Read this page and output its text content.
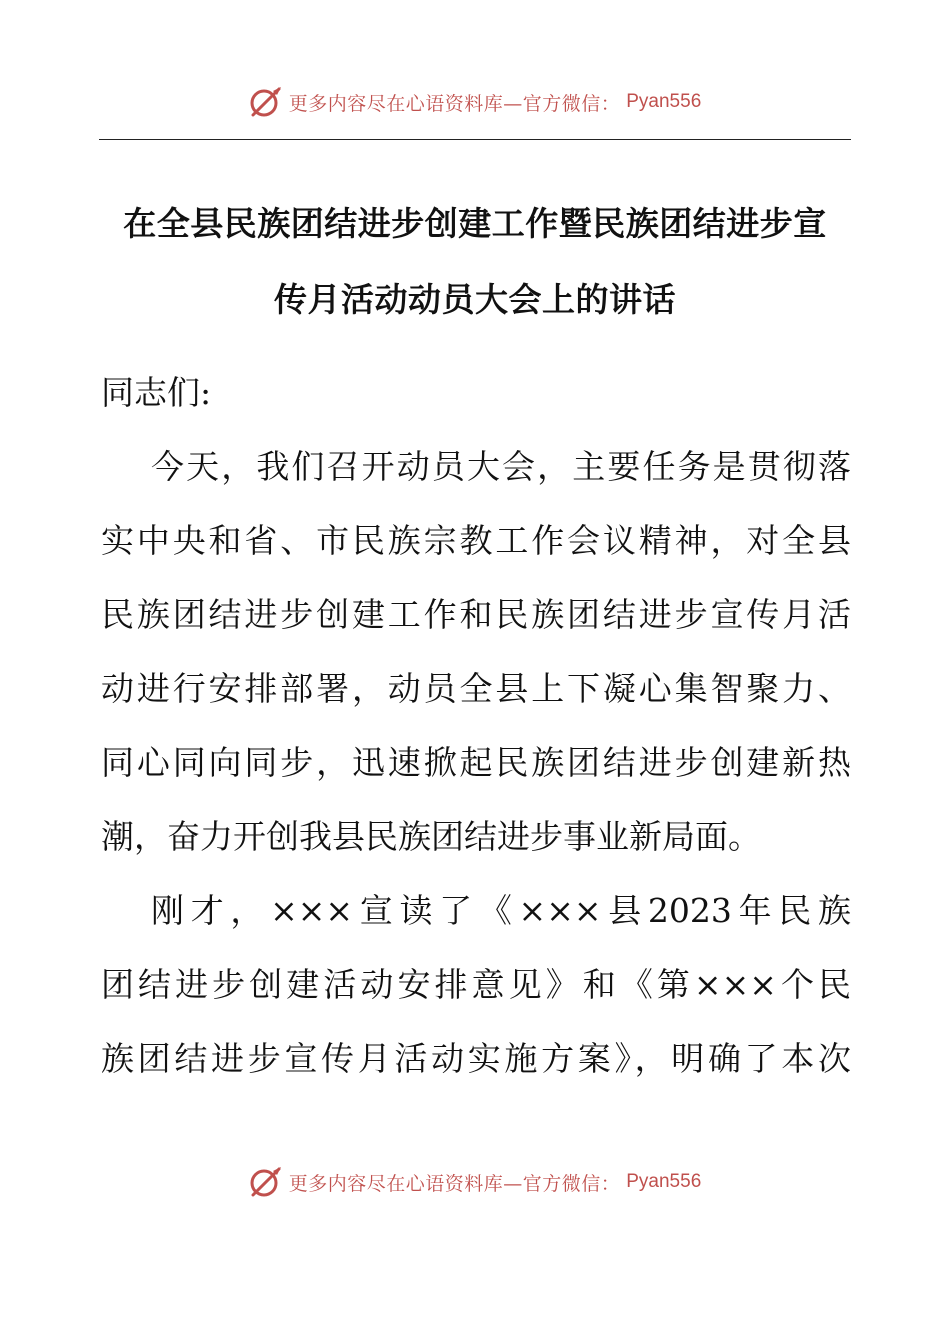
更多内容尽在心语资料库—官方微信： Pyan556
在全县民族团结进步创建工作暨民族团结进步宣
传月活动动员大会上的讲话
同志们:
今天，我们召开动员大会，主要任务是贯彻落
实中央和省、市民族宗教工作会议精神，对全县
民族团结进步创建工作和民族团结进步宣传月活
动进行安排部署，动员全县上下凝心集智聚力、
同心同向同步，迅速掀起民族团结进步创建新热
潮，奋力开创我县民族团结进步事业新局面。
刚才，×××宣读了《×××县2023年民族
团结进步创建活动安排意见》和《第×××个民
族团结进步宣传月活动实施方案》，明确了本次
更多内容尽在心语资料库—官方微信： Pyan556
